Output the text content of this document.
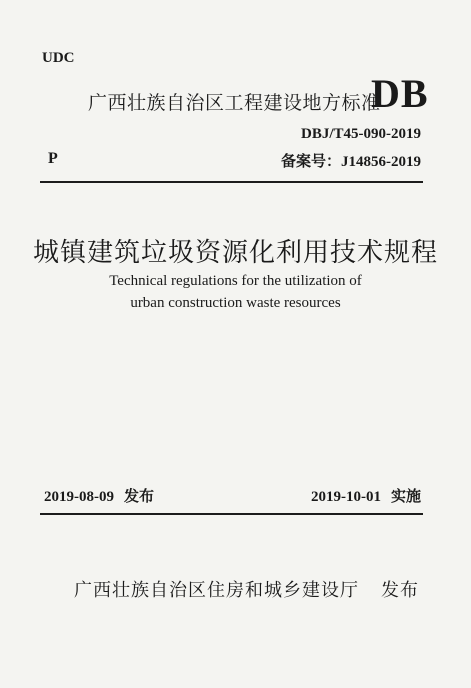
UDC
广西壮族自治区工程建设地方标准
DB
DBJ/T45-090-2019
P	备案号：J14856-2019
城镇建筑垃圾资源化利用技术规程
Technical regulations for the utilization of
urban construction waste resources
2019-08-09 发布	2019-10-01 实施
广西壮族自治区住房和城乡建设厅 发布
